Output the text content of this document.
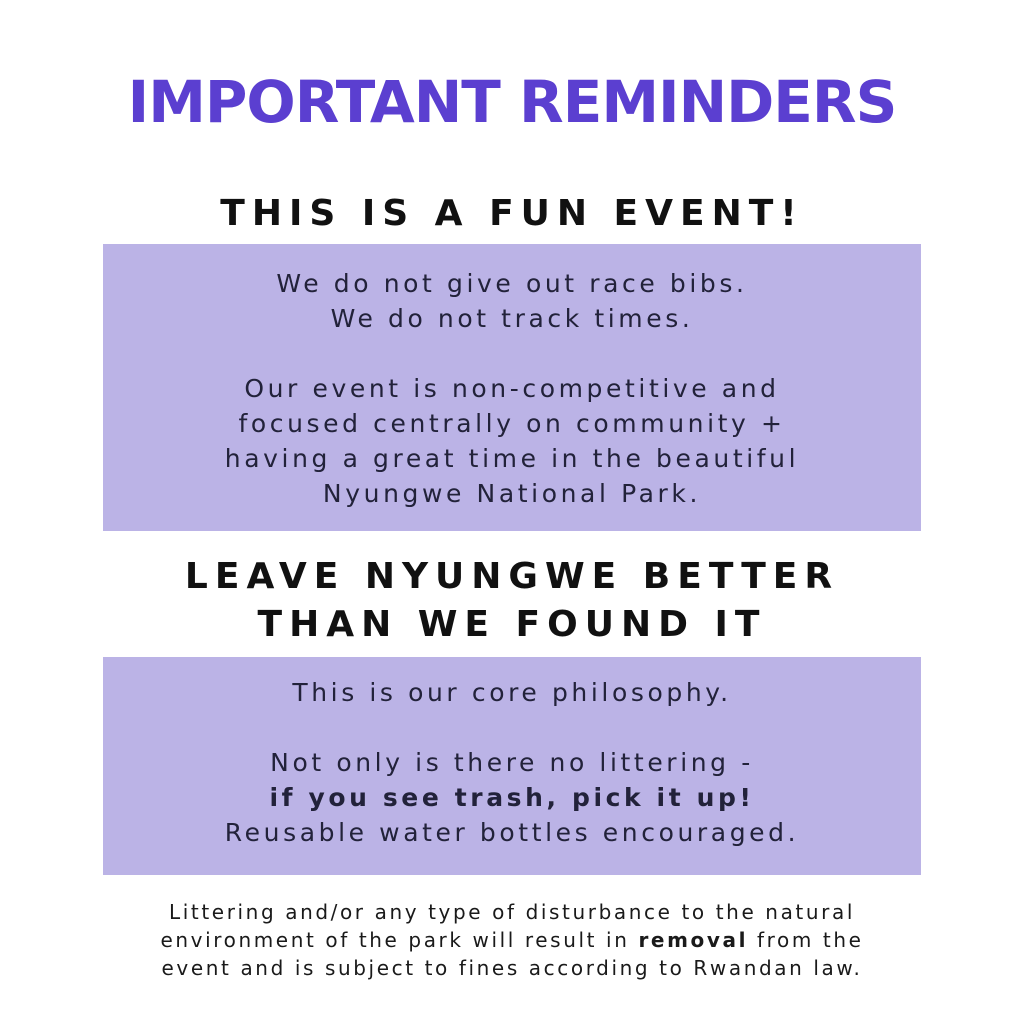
IMPORTANT REMINDERS
THIS IS A FUN EVENT!
We do not give out race bibs.
We do not track times.
Our event is non-competitive and
focused centrally on community +
having a great time in the beautiful
Nyungwe National Park.
LEAVE NYUNGWE BETTER
THAN WE FOUND IT
This is our core philosophy.
Not only is there no littering -
if you see trash, pick it up!
Reusable water bottles encouraged.
Littering and/or any type of disturbance to the natural
environment of the park will result in removal from the
event and is subject to fines according to Rwandan law.
